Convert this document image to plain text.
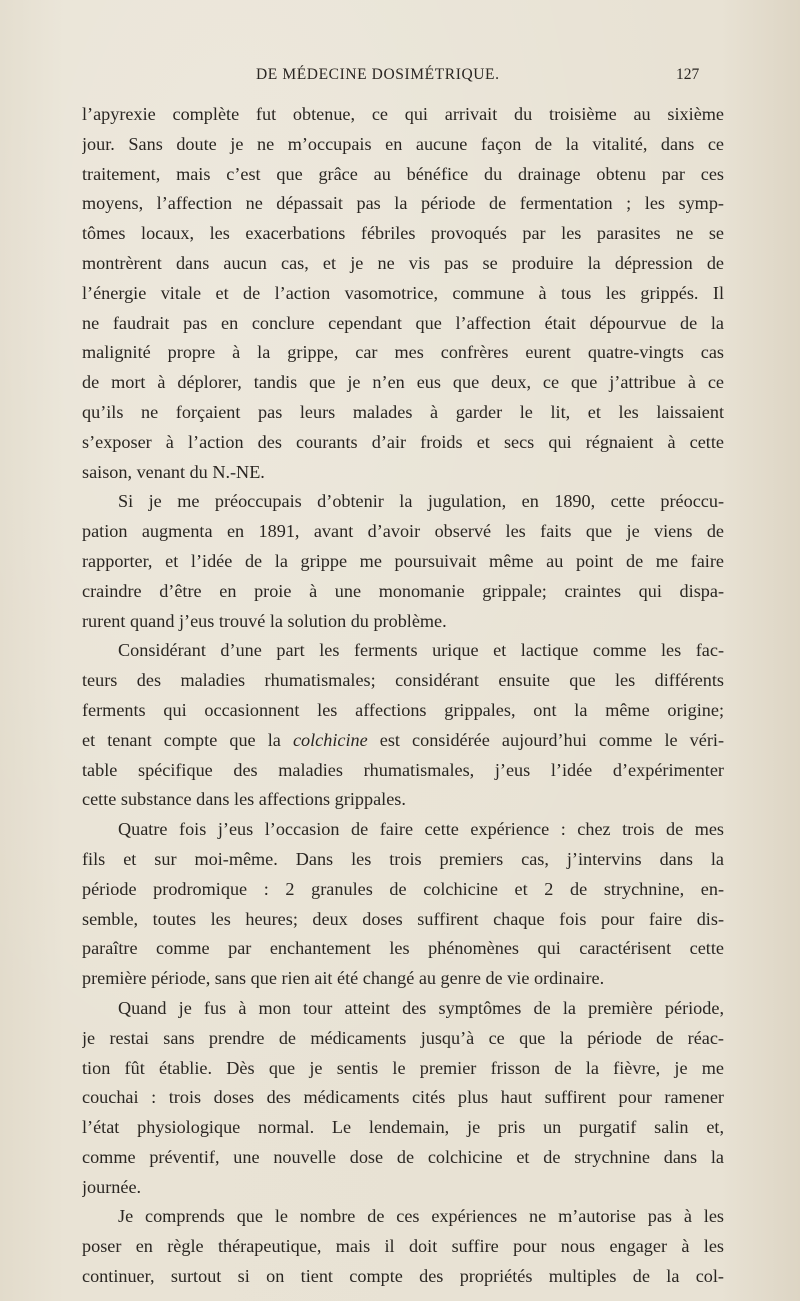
DE MÉDECINE DOSIMÉTRIQUE.	127
l’apyrexie complète fut obtenue, ce qui arrivait du troisième au sixième
jour. Sans doute je ne m’occupais en aucune façon de la vitalité, dans ce
traitement, mais c’est que grâce au bénéfice du drainage obtenu par ces
moyens, l’affection ne dépassait pas la période de fermentation ; les symp-
tômes locaux, les exacerbations fébriles provoqués par les parasites ne se
montrèrent dans aucun cas, et je ne vis pas se produire la dépression de
l’énergie vitale et de l’action vasomotrice, commune à tous les grippés. Il
ne faudrait pas en conclure cependant que l’affection était dépourvue de la
malignité propre à la grippe, car mes confrères eurent quatre-vingts cas
de mort à déplorer, tandis que je n’en eus que deux, ce que j’attribue à ce
qu’ils ne forçaient pas leurs malades à garder le lit, et les laissaient
s’exposer à l’action des courants d’air froids et secs qui régnaient à cette
saison, venant du N.-NE.
Si je me préoccupais d’obtenir la jugulation, en 1890, cette préoccu-
pation augmenta en 1891, avant d’avoir observé les faits que je viens de
rapporter, et l’idée de la grippe me poursuivait même au point de me faire
craindre d’être en proie à une monomanie grippale; craintes qui dispa-
rurent quand j’eus trouvé la solution du problème.
Considérant d’une part les ferments urique et lactique comme les fac-
teurs des maladies rhumatismales; considérant ensuite que les différents
ferments qui occasionnent les affections grippales, ont la même origine;
et tenant compte que la colchicine est considérée aujourd’hui comme le véri-
table spécifique des maladies rhumatismales, j’eus l’idée d’expérimenter
cette substance dans les affections grippales.
Quatre fois j’eus l’occasion de faire cette expérience : chez trois de mes
fils et sur moi-même. Dans les trois premiers cas, j’intervins dans la
période prodromique : 2 granules de colchicine et 2 de strychnine, en-
semble, toutes les heures; deux doses suffirent chaque fois pour faire dis-
paraître comme par enchantement les phénomènes qui caractérisent cette
première période, sans que rien ait été changé au genre de vie ordinaire.
Quand je fus à mon tour atteint des symptômes de la première période,
je restai sans prendre de médicaments jusqu’à ce que la période de réac-
tion fût établie. Dès que je sentis le premier frisson de la fièvre, je me
couchai : trois doses des médicaments cités plus haut suffirent pour ramener
l’état physiologique normal. Le lendemain, je pris un purgatif salin et,
comme préventif, une nouvelle dose de colchicine et de strychnine dans la
journée.
Je comprends que le nombre de ces expériences ne m’autorise pas à les
poser en règle thérapeutique, mais il doit suffire pour nous engager à les
continuer, surtout si on tient compte des propriétés multiples de la col-
